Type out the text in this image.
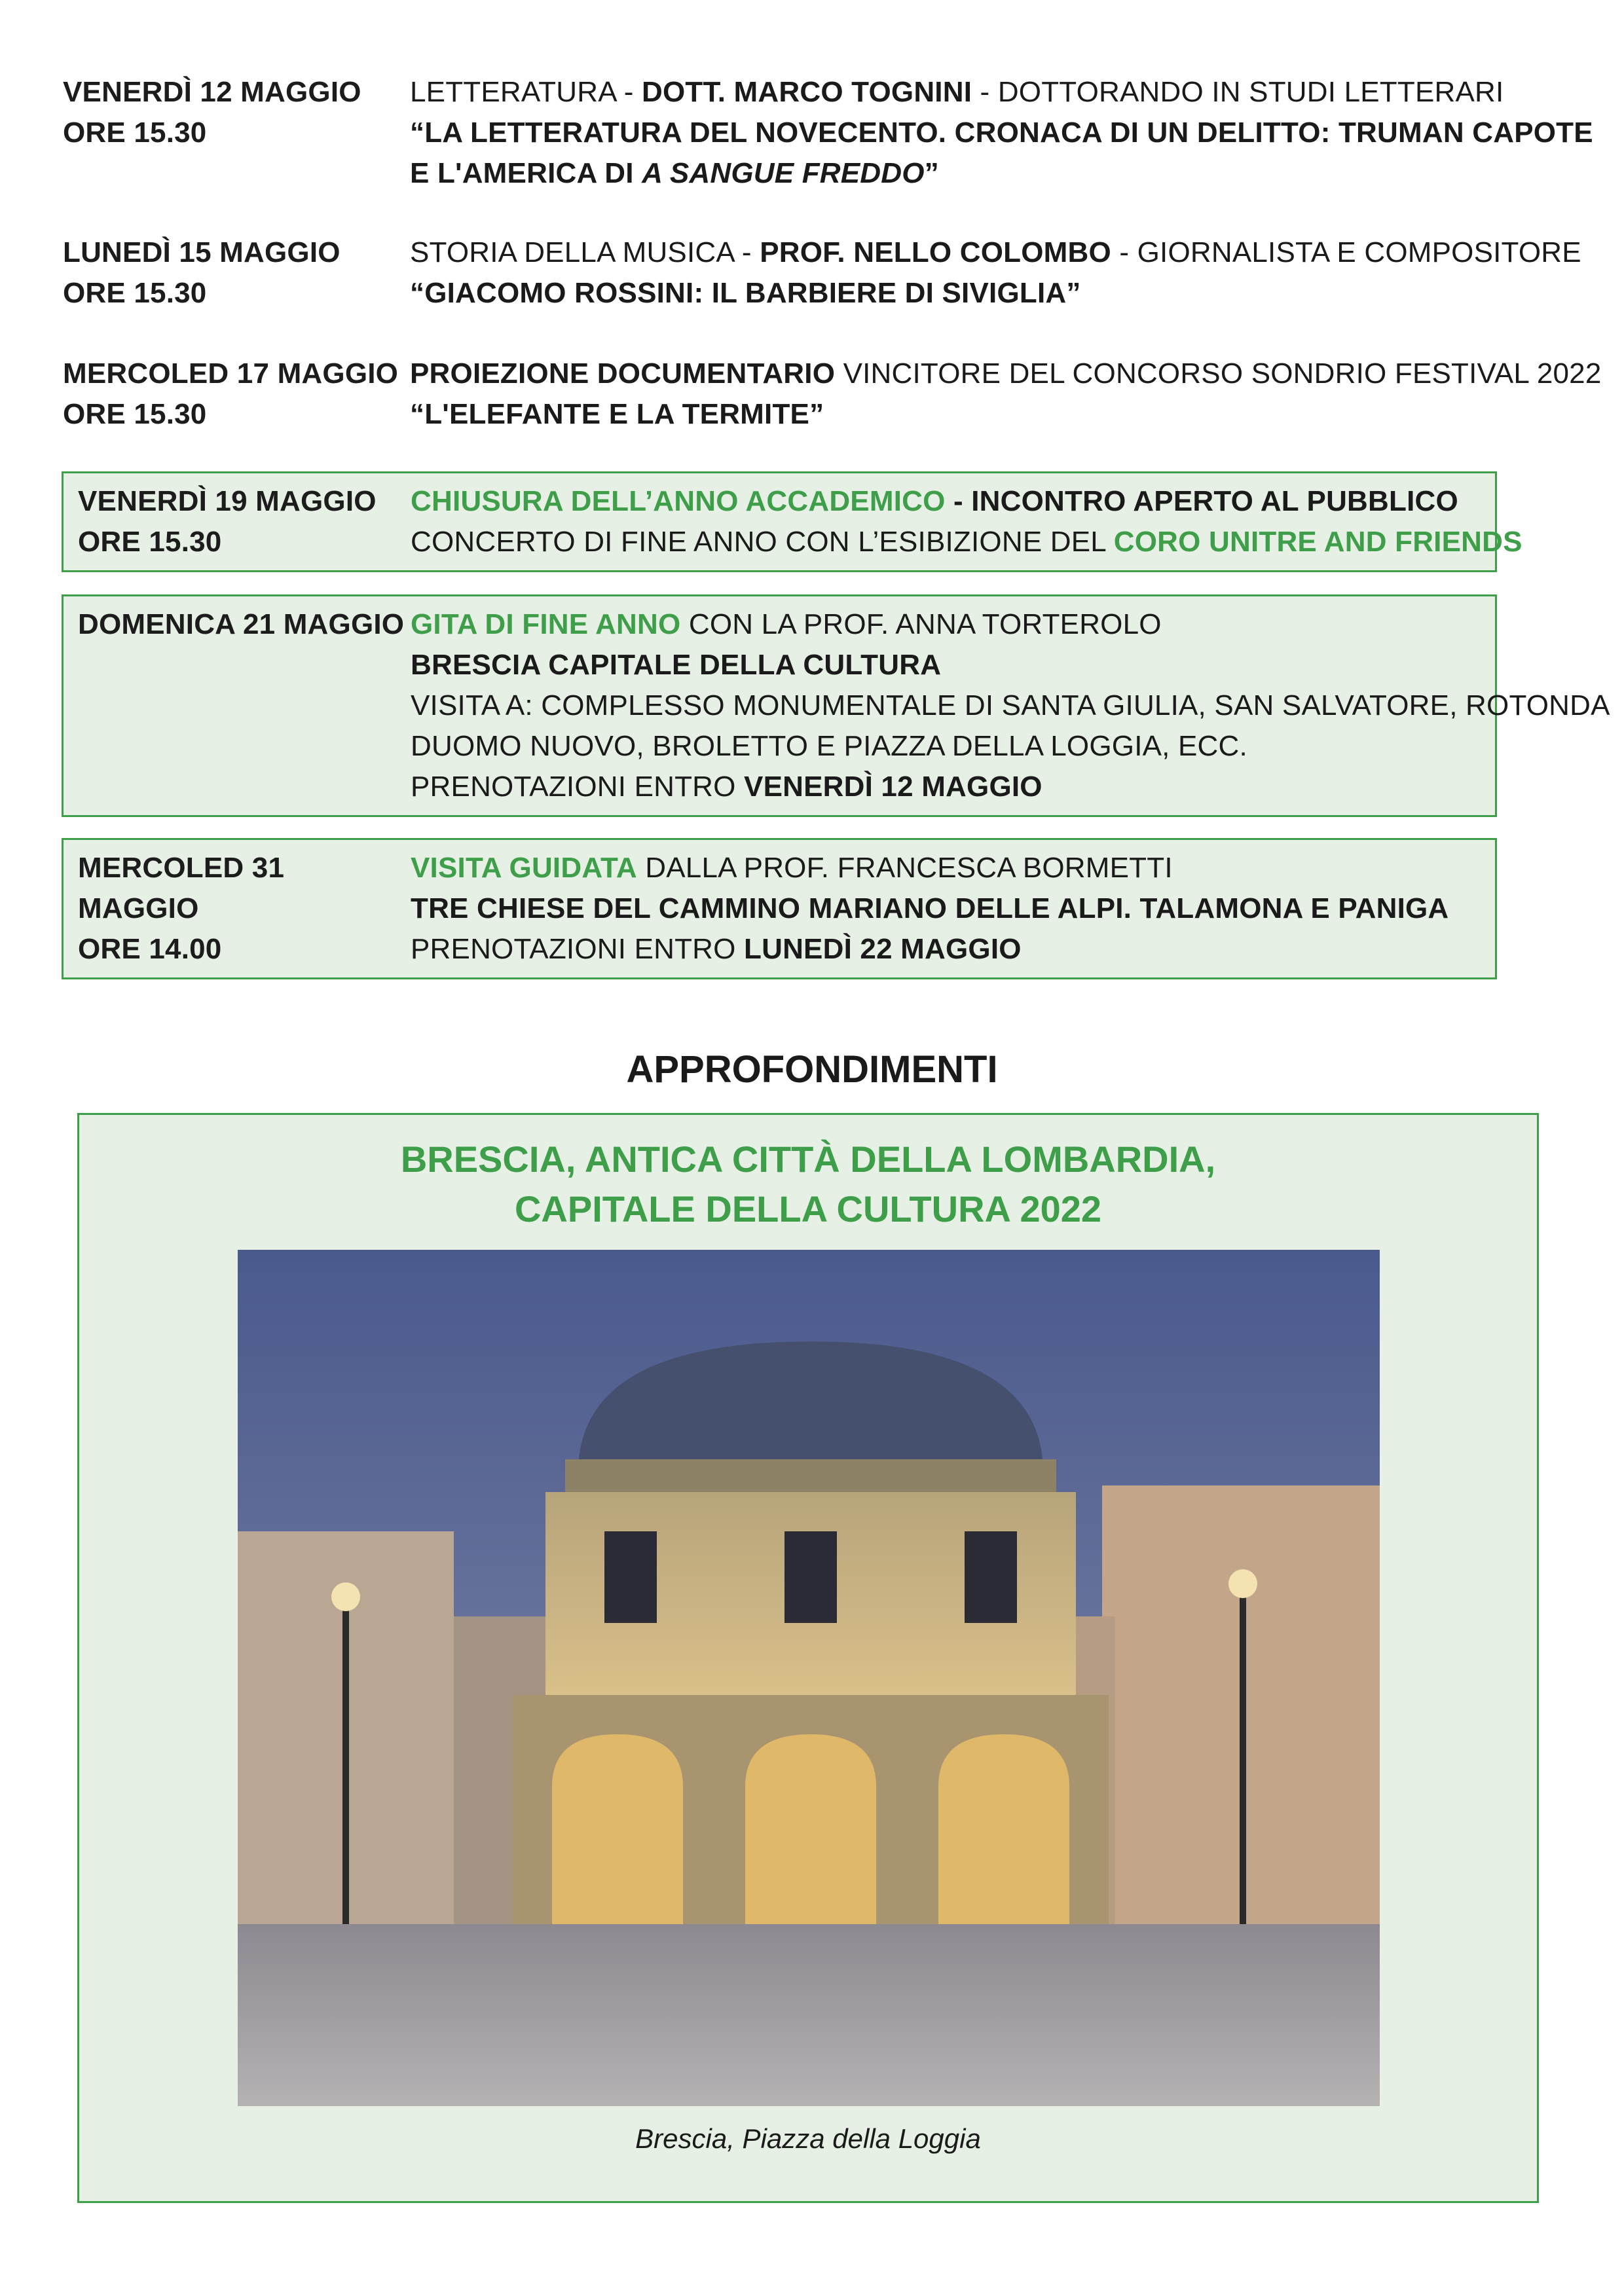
VENERDÌ 12 MAGGIO
ORE 15.30
LETTERATURA - DOTT. MARCO TOGNINI - DOTTORANDO IN STUDI LETTERARI
“LA LETTERATURA DEL NOVECENTO. CRONACA DI UN DELITTO: TRUMAN CAPOTE
E L'AMERICA DI A SANGUE FREDDO”
LUNEDÌ 15 MAGGIO
ORE 15.30
STORIA DELLA MUSICA - PROF. NELLO COLOMBO - GIORNALISTA E COMPOSITORE
“GIACOMO ROSSINI: IL BARBIERE DI SIVIGLIA”
MERCOLED 17 MAGGIO
ORE 15.30
PROIEZIONE DOCUMENTARIO VINCITORE DEL CONCORSO SONDRIO FESTIVAL 2022
“L'ELEFANTE E LA TERMITE”
VENERDÌ 19 MAGGIO
ORE 15.30
CHIUSURA DELL’ANNO ACCADEMICO - INCONTRO APERTO AL PUBBLICO
CONCERTO DI FINE ANNO CON L’ESIBIZIONE DEL CORO UNITRE AND FRIENDS
DOMENICA 21 MAGGIO GITA DI FINE ANNO CON LA PROF. ANNA TORTEROLO
BRESCIA CAPITALE DELLA CULTURA
VISITA A: COMPLESSO MONUMENTALE DI SANTA GIULIA, SAN SALVATORE, ROTONDA
DUOMO NUOVO, BROLETTO E PIAZZA DELLA LOGGIA, ECC.
PRENOTAZIONI ENTRO VENERDÌ 12 MAGGIO
MERCOLED 31 MAGGIO
ORE 14.00
VISITA GUIDATA DALLA PROF. FRANCESCA BORMETTI
TRE CHIESE DEL CAMMINO MARIANO DELLE ALPI. TALAMONA E PANIGA
PRENOTAZIONI ENTRO LUNEDÌ 22 MAGGIO
APPROFONDIMENTI
BRESCIA, ANTICA CITTÀ DELLA LOMBARDIA,
CAPITALE DELLA CULTURA 2022
Brescia, Piazza della Loggia
